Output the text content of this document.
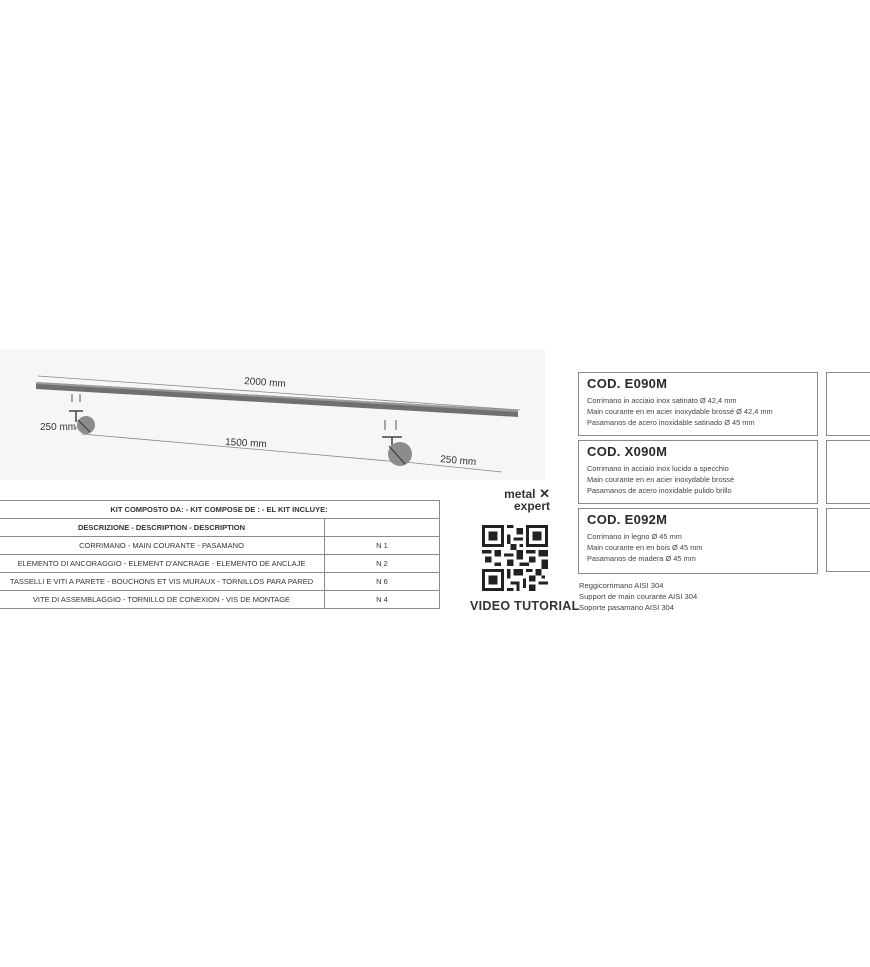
2000 mm
250 mm
1500 mm
250 mm
KIT COMPOSTO DA: - KIT COMPOSE DE : - EL KIT INCLUYE:	
DESCRIZIONE - DESCRIPTION - DESCRIPTION	
CORRIMANO - MAIN COURANTE - PASAMANO	N 1
ELEMENTO DI ANCORAGGIO - ELEMENT D'ANCRAGE - ELEMENTO DE ANCLAJE	N 2
TASSELLI E VITI A PARETE - BOUCHONS ET VIS MURAUX - TORNILLOS PARA PARED	N 6
VITE DI ASSEMBLAGGIO - TORNILLO DE CONEXION - VIS DE MONTAGE	N 4
metal ✕
expert
VIDEO TUTORIAL
COD. E090M
Corrimano in acciaio inox satinato Ø 42,4 mm
Main courante en en acier inoxydable brossé Ø 42,4 mm
Pasamanos de acero inoxidable satinado Ø 45 mm
COD. X090M
Corrimano in acciaio inox lucido a specchio
Main courante en en acier inoxydable brossé
Pasamanos de acero inoxidable pulido brillo
COD. E092M
Corrimano in legno Ø 45 mm
Main courante en en bois Ø 45 mm
Pasamanos de madera Ø 45 mm
Reggicorrimano AISI 304
Support de main courante AISI 304
Soporte pasamano AISI 304
